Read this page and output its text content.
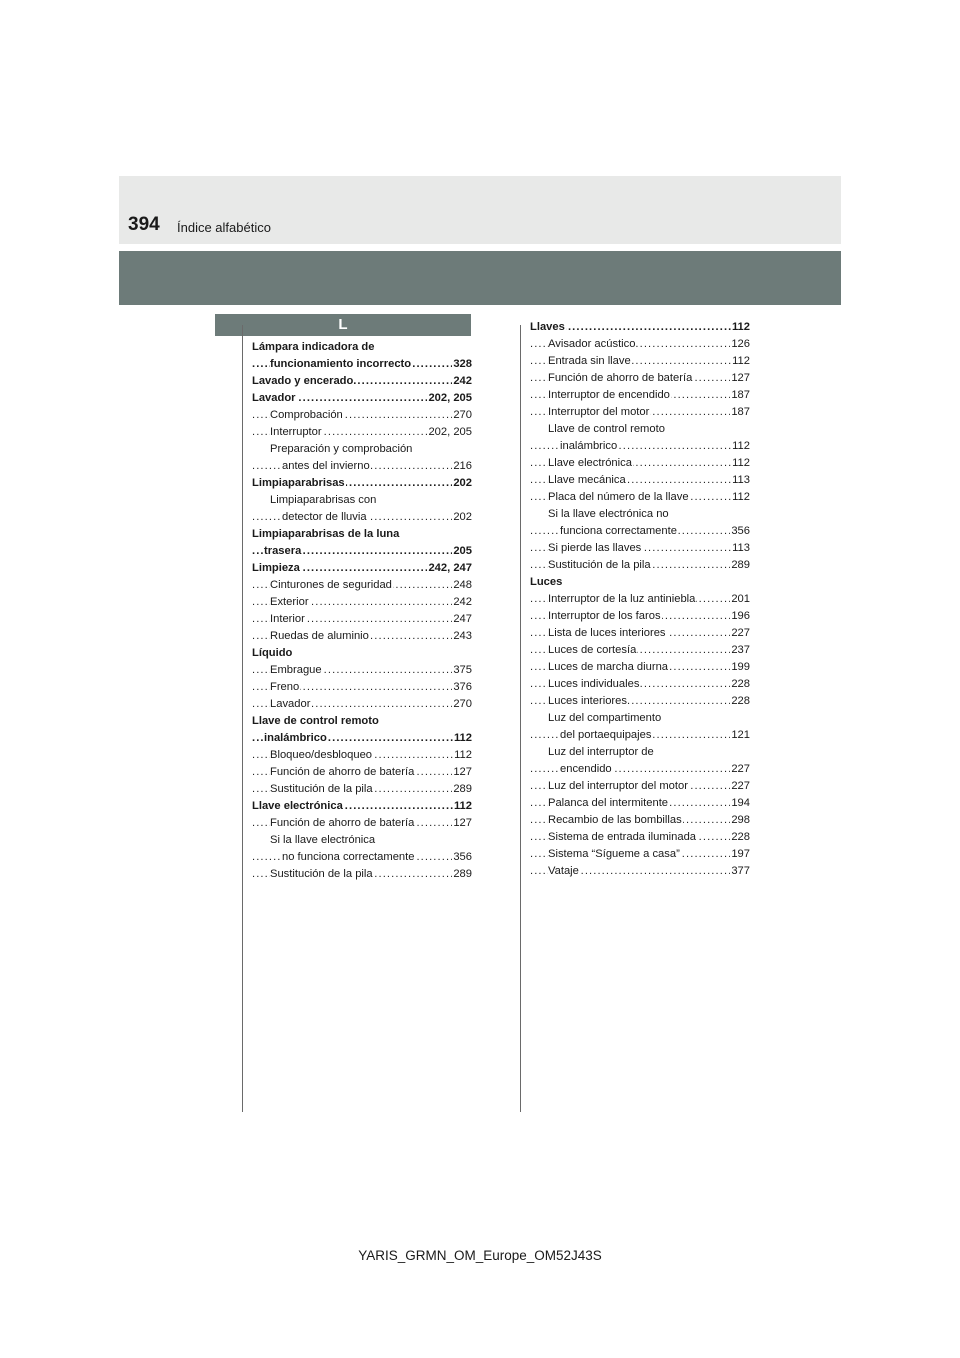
394 Índice alfabético
L
Lámpara indicadora de
. . . funcionamiento incorrecto	328
. . . Lavado y encerado	242
. . . Lavador	202, 205
. . . Comprobación	270
. . . Interruptor	202, 205
Preparación y comprobación
. . . antes del invierno	216
. . . Limpiaparabrisas	202
Limpiaparabrisas con
. . . detector de lluvia	202
Limpiaparabrisas de la luna
. . . trasera	205
. . . Limpieza	242, 247
. . . Cinturones de seguridad	248
. . . Exterior	242
. . . Interior	247
. . . Ruedas de aluminio	243
Líquido
. . . Embrague	375
. . . Freno	376
. . . Lavador	270
Llave de control remoto
. . . inalámbrico	112
. . . Bloqueo/desbloqueo	112
. . . Función de ahorro de batería	127
. . . Sustitución de la pila	289
. . . Llave electrónica	112
. . . Función de ahorro de batería	127
Si la llave electrónica
. . . no funciona correctamente	356
. . . Sustitución de la pila	289
. . . Llaves	112
. . . Avisador acústico	126
. . . Entrada sin llave	112
. . . Función de ahorro de batería	127
. . . Interruptor de encendido	187
. . . Interruptor del motor	187
Llave de control remoto
. . . inalámbrico	112
. . . Llave electrónica	112
. . . Llave mecánica	113
. . . Placa del número de la llave	112
Si la llave electrónica no
. . . funciona correctamente	356
. . . Si pierde las llaves	113
. . . Sustitución de la pila	289
Luces
. . . Interruptor de la luz antiniebla	201
. . . Interruptor de los faros	196
. . . Lista de luces interiores	227
. . . Luces de cortesía	237
. . . Luces de marcha diurna	199
. . . Luces individuales	228
. . . Luces interiores	228
Luz del compartimento
. . . del portaequipajes	121
Luz del interruptor de
. . . encendido	227
. . . Luz del interruptor del motor	227
. . . Palanca del intermitente	194
. . . Recambio de las bombillas	298
. . . Sistema de entrada iluminada	228
. . . Sistema “Sígueme a casa”	197
. . . Vataje	377
YARIS_GRMN_OM_Europe_OM52J43S
